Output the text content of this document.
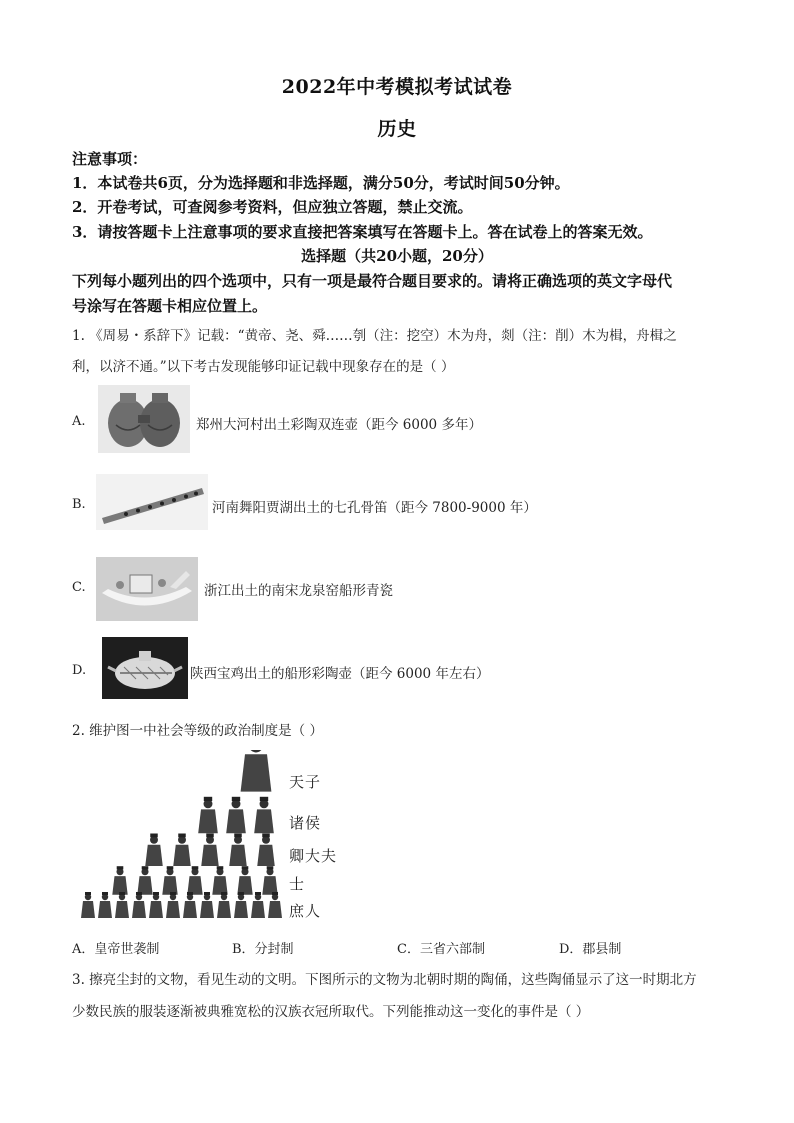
2022年中考模拟考试试卷
历史
注意事项：
1．本试卷共6页，分为选择题和非选择题，满分50分，考试时间50分钟。
2．开卷考试，可查阅参考资料，但应独立答题，禁止交流。
3．请按答题卡上注意事项的要求直接把答案填写在答题卡上。答在试卷上的答案无效。
选择题（共20小题，20分）
下列每小题列出的四个选项中，只有一项是最符合题目要求的。请将正确选项的英文字母代
号涂写在答题卡相应位置上。
1. 《周易・系辞下》记载：“黄帝、尧、舜……刳（注：挖空）木为舟，剡（注：削）木为楫，舟楫之
利，以济不通。”以下考古发现能够印证记载中现象存在的是（ ）
A.	郑州大河村出土彩陶双连壶（距今 6000 多年）
B.	河南舞阳贾湖出土的七孔骨笛（距今 7800-9000 年）
C.	浙江出土的南宋龙泉窑船形青瓷
D.	陕西宝鸡出土的船形彩陶壶（距今 6000 年左右）
2. 维护图一中社会等级的政治制度是（ ）
天子
诸侯
卿大夫
士
庶人
A．皇帝世袭制	B．分封制	C．三省六部制	D．郡县制
3. 擦亮尘封的文物，看见生动的文明。下图所示的文物为北朝时期的陶俑，这些陶俑显示了这一时期北方
少数民族的服装逐渐被典雅宽松的汉族衣冠所取代。下列能推动这一变化的事件是（ ）
